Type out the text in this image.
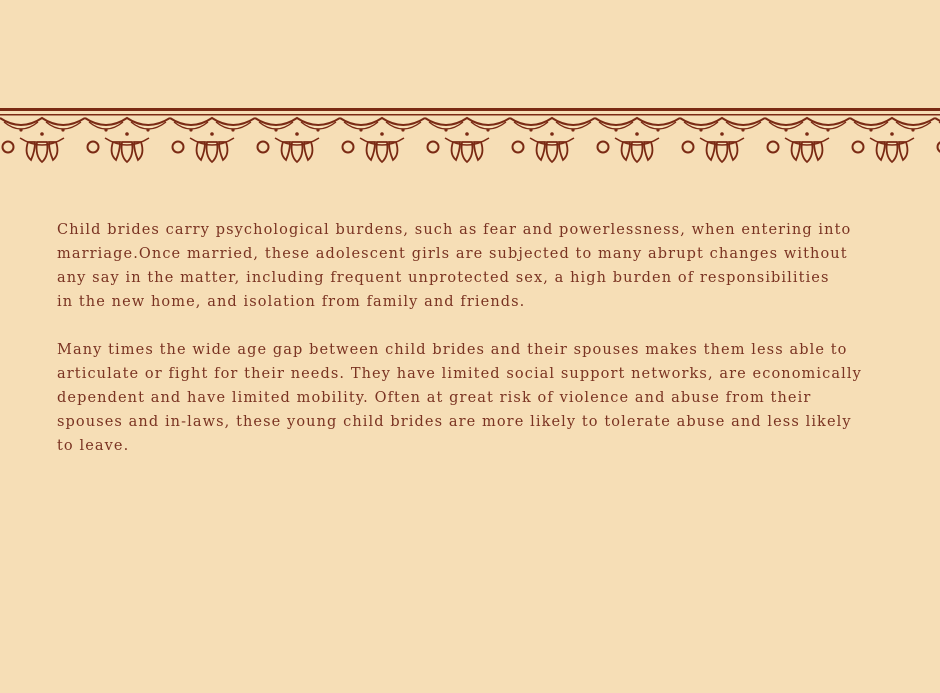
Child brides carry psychological burdens, such as fear and powerlessness, when entering into
marriage.Once married, these adolescent girls are subjected to many abrupt changes without
any say in the matter, including frequent unprotected sex, a high burden of responsibilities
in the new home, and isolation from family and friends.

Many times the wide age gap between child brides and their spouses makes them less able to
articulate or fight for their needs. They have limited social support networks, are economically
dependent and have limited mobility. Often at great risk of violence and abuse from their
spouses and in-laws, these young child brides are more likely to tolerate abuse and less likely
to leave.
